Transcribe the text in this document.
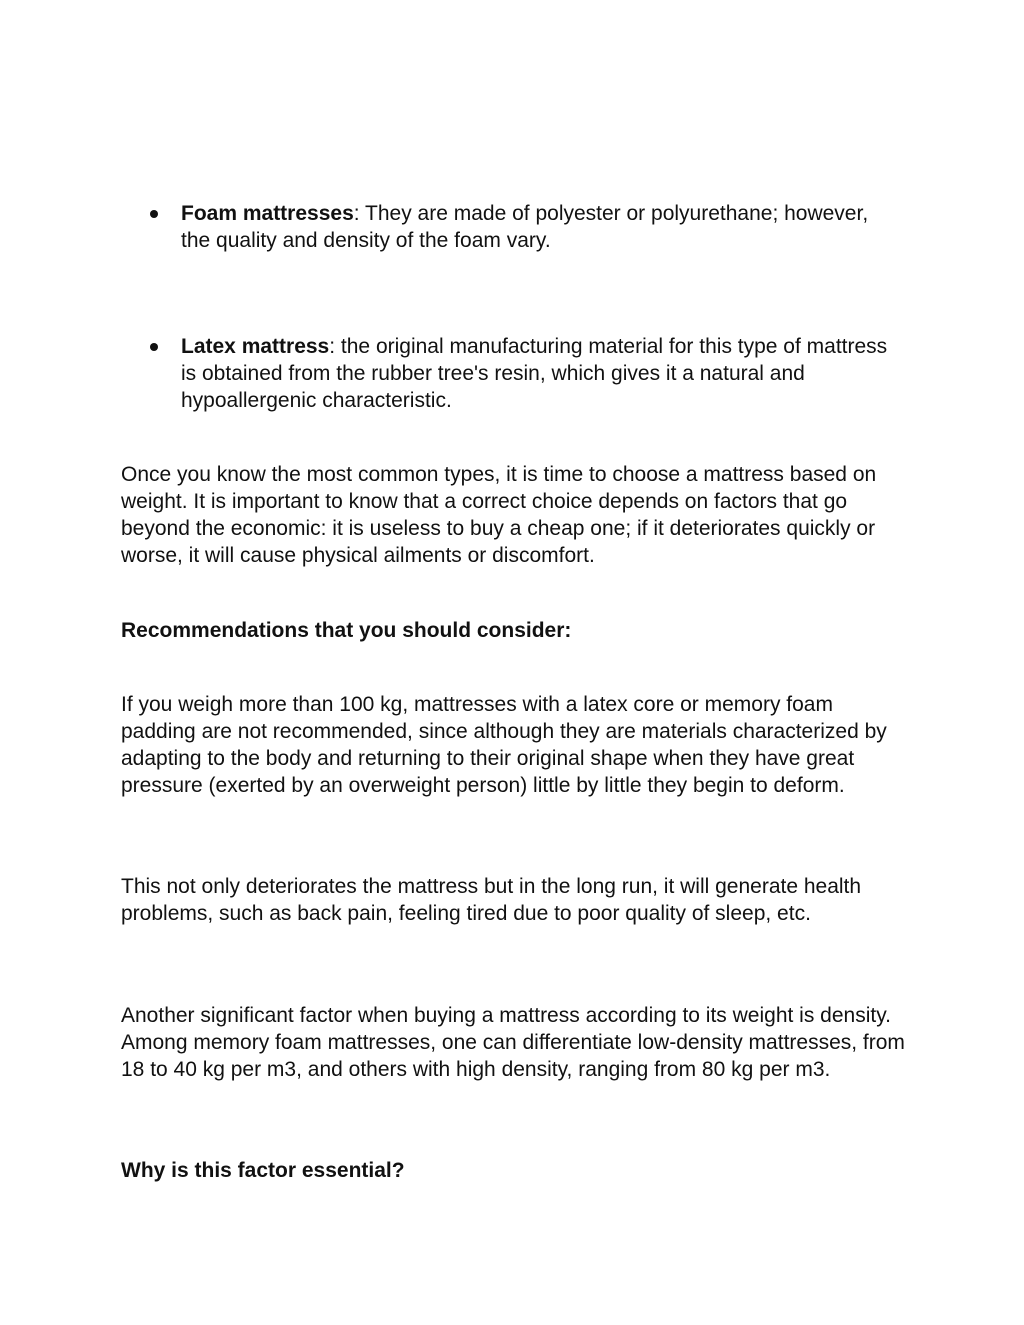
Foam mattresses: They are made of polyester or polyurethane; however, the quality and density of the foam vary.
Latex mattress: the original manufacturing material for this type of mattress is obtained from the rubber tree's resin, which gives it a natural and hypoallergenic characteristic.

Once you know the most common types, it is time to choose a mattress based on weight. It is important to know that a correct choice depends on factors that go beyond the economic: it is useless to buy a cheap one; if it deteriorates quickly or worse, it will cause physical ailments or discomfort.

Recommendations that you should consider:

If you weigh more than 100 kg, mattresses with a latex core or memory foam padding are not recommended, since although they are materials characterized by adapting to the body and returning to their original shape when they have great pressure (exerted by an overweight person) little by little they begin to deform.

This not only deteriorates the mattress but in the long run, it will generate health problems, such as back pain, feeling tired due to poor quality of sleep, etc.

Another significant factor when buying a mattress according to its weight is density. Among memory foam mattresses, one can differentiate low-density mattresses, from 18 to 40 kg per m3, and others with high density, ranging from 80 kg per m3.

Why is this factor essential?
